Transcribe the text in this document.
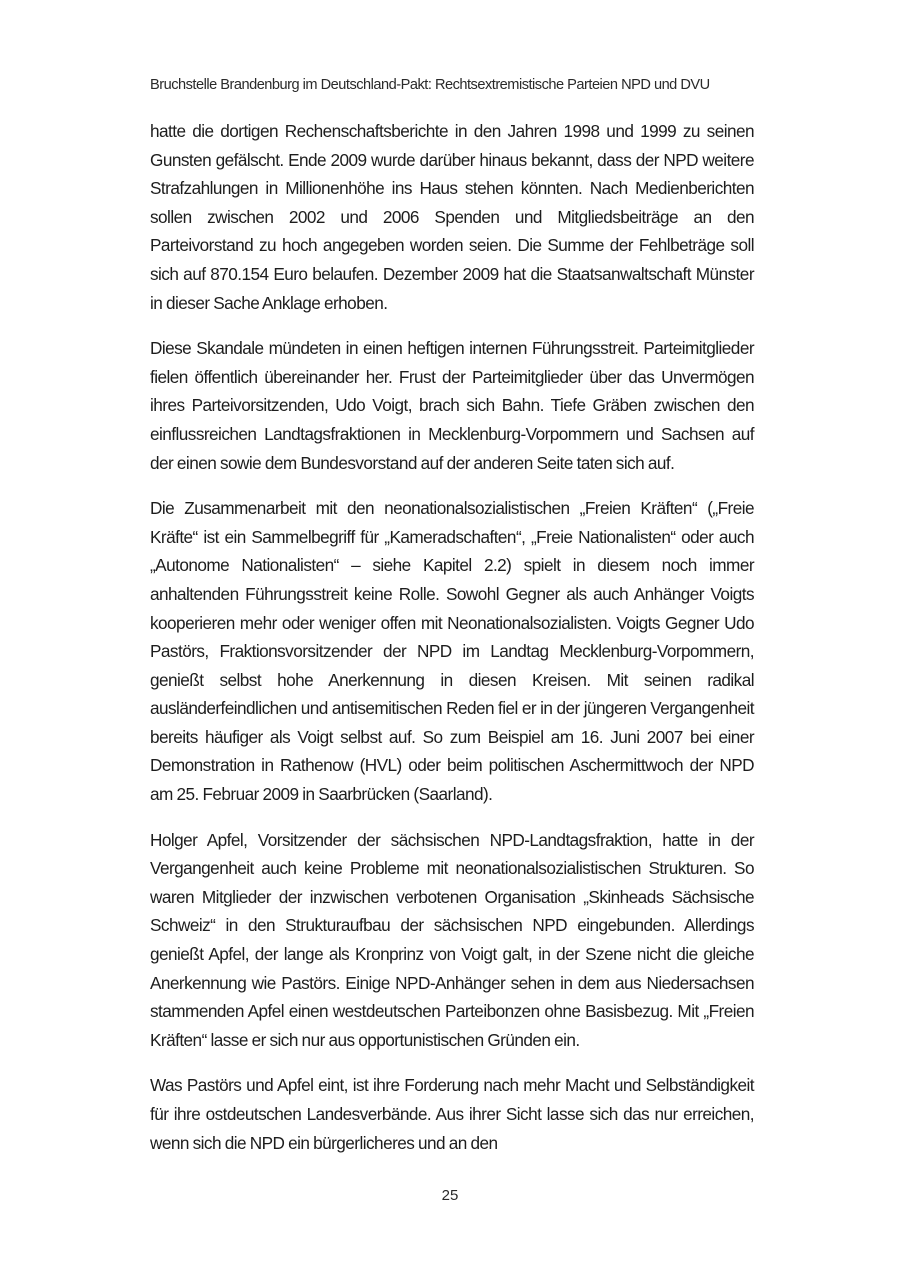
Bruchstelle Brandenburg im Deutschland-Pakt: Rechtsextremistische Parteien NPD und DVU

hatte die dortigen Rechenschaftsberichte in den Jahren 1998 und 1999 zu seinen Gunsten gefälscht. Ende 2009 wurde darüber hinaus bekannt, dass der NPD weitere Strafzahlungen in Millionenhöhe ins Haus stehen könnten. Nach Medienberichten sollen zwischen 2002 und 2006 Spenden und Mitgliedsbeiträge an den Parteivorstand zu hoch angegeben worden seien. Die Summe der Fehlbeträge soll sich auf 870.154 Euro belaufen. Dezember 2009 hat die Staatsanwaltschaft Münster in dieser Sache Anklage erhoben.

Diese Skandale mündeten in einen heftigen internen Führungsstreit. Parteimitglieder fielen öffentlich übereinander her. Frust der Parteimitglieder über das Unvermögen ihres Parteivorsitzenden, Udo Voigt, brach sich Bahn. Tiefe Gräben zwischen den einflussreichen Landtagsfraktionen in Mecklenburg-Vorpommern und Sachsen auf der einen sowie dem Bundesvorstand auf der anderen Seite taten sich auf.

Die Zusammenarbeit mit den neonationalsozialistischen „Freien Kräften“ („Freie Kräfte“ ist ein Sammelbegriff für „Kameradschaften“, „Freie Nationalisten“ oder auch „Autonome Nationalisten“ – siehe Kapitel 2.2) spielt in diesem noch immer anhaltenden Führungsstreit keine Rolle. Sowohl Gegner als auch Anhänger Voigts kooperieren mehr oder weniger offen mit Neonationalsozialisten. Voigts Gegner Udo Pastörs, Fraktionsvorsitzender der NPD im Landtag Mecklenburg-Vorpommern, genießt selbst hohe Anerkennung in diesen Kreisen. Mit seinen radikal ausländerfeindlichen und antisemitischen Reden fiel er in der jüngeren Vergangenheit bereits häufiger als Voigt selbst auf. So zum Beispiel am 16. Juni 2007 bei einer Demonstration in Rathenow (HVL) oder beim politischen Aschermittwoch der NPD am 25. Februar 2009 in Saarbrücken (Saarland).

Holger Apfel, Vorsitzender der sächsischen NPD-Landtagsfraktion, hatte in der Vergangenheit auch keine Probleme mit neonationalsozialistischen Strukturen. So waren Mitglieder der inzwischen verbotenen Organisation „Skinheads Sächsische Schweiz“ in den Strukturaufbau der sächsischen NPD eingebunden. Allerdings genießt Apfel, der lange als Kronprinz von Voigt galt, in der Szene nicht die gleiche Anerkennung wie Pastörs. Einige NPD-Anhänger sehen in dem aus Niedersachsen stammenden Apfel einen westdeutschen Parteibonzen ohne Basisbezug. Mit „Freien Kräften“ lasse er sich nur aus opportunistischen Gründen ein.

Was Pastörs und Apfel eint, ist ihre Forderung nach mehr Macht und Selbständigkeit für ihre ostdeutschen Landesverbände. Aus ihrer Sicht lasse sich das nur erreichen, wenn sich die NPD ein bürgerlicheres und an den

25
